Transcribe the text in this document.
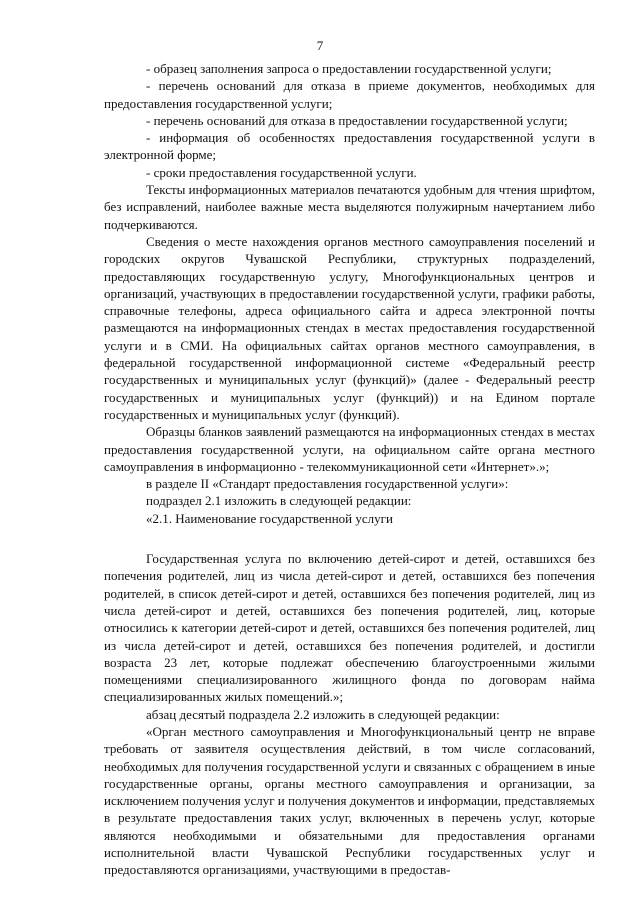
7

- образец заполнения запроса о предоставлении государственной услуги;

- перечень оснований для отказа в приеме документов, необходимых для предоставления государственной услуги;

- перечень оснований для отказа в предоставлении государственной услуги;

- информация об особенностях предоставления государственной услуги в электронной форме;

- сроки предоставления государственной услуги.

Тексты информационных материалов печатаются удобным для чтения шрифтом, без исправлений, наиболее важные места выделяются полужирным начертанием либо подчеркиваются.

Сведения о месте нахождения органов местного самоуправления поселений и городских округов Чувашской Республики, структурных подразделений, предоставляющих государственную услугу, Многофункциональных центров и организаций, участвующих в предоставлении государственной услуги, графики работы, справочные телефоны, адреса официального сайта и адреса электронной почты размещаются на информационных стендах в местах предоставления государственной услуги и в СМИ. На официальных сайтах органов местного самоуправления, в федеральной государственной информационной системе «Федеральный реестр государственных и муниципальных услуг (функций)» (далее - Федеральный реестр государственных и муниципальных услуг (функций)) и на Едином портале государственных и муниципальных услуг (функций).

Образцы бланков заявлений размещаются на информационных стендах в местах предоставления государственной услуги, на официальном сайте органа местного самоуправления в информационно - телекоммуникационной сети «Интернет».»;

в разделе II «Стандарт предоставления государственной услуги»:

подраздел 2.1 изложить в следующей редакции:

«2.1. Наименование государственной услуги

Государственная услуга по включению детей-сирот и детей, оставшихся без попечения родителей, лиц из числа детей-сирот и детей, оставшихся без попечения родителей, в список детей-сирот и детей, оставшихся без попечения родителей, лиц из числа детей-сирот и детей, оставшихся без попечения родителей, лиц, которые относились к категории детей-сирот и детей, оставшихся без попечения родителей, лиц из числа детей-сирот и детей, оставшихся без попечения родителей, и достигли возраста 23 лет, которые подлежат обеспечению благоустроенными жилыми помещениями специализированного жилищного фонда по договорам найма специализированных жилых помещений.»;

абзац десятый подраздела 2.2 изложить в следующей редакции:

«Орган местного самоуправления и Многофункциональный центр не вправе требовать от заявителя осуществления действий, в том числе согласований, необходимых для получения государственной услуги и связанных с обращением в иные государственные органы, органы местного самоуправления и организации, за исключением получения услуг и получения документов и информации, представляемых в результате предоставления таких услуг, включенных в перечень услуг, которые являются необходимыми и обязательными для предоставления органами исполнительной власти Чувашской Республики государственных услуг и предоставляются организациями, участвующими в предостав-
